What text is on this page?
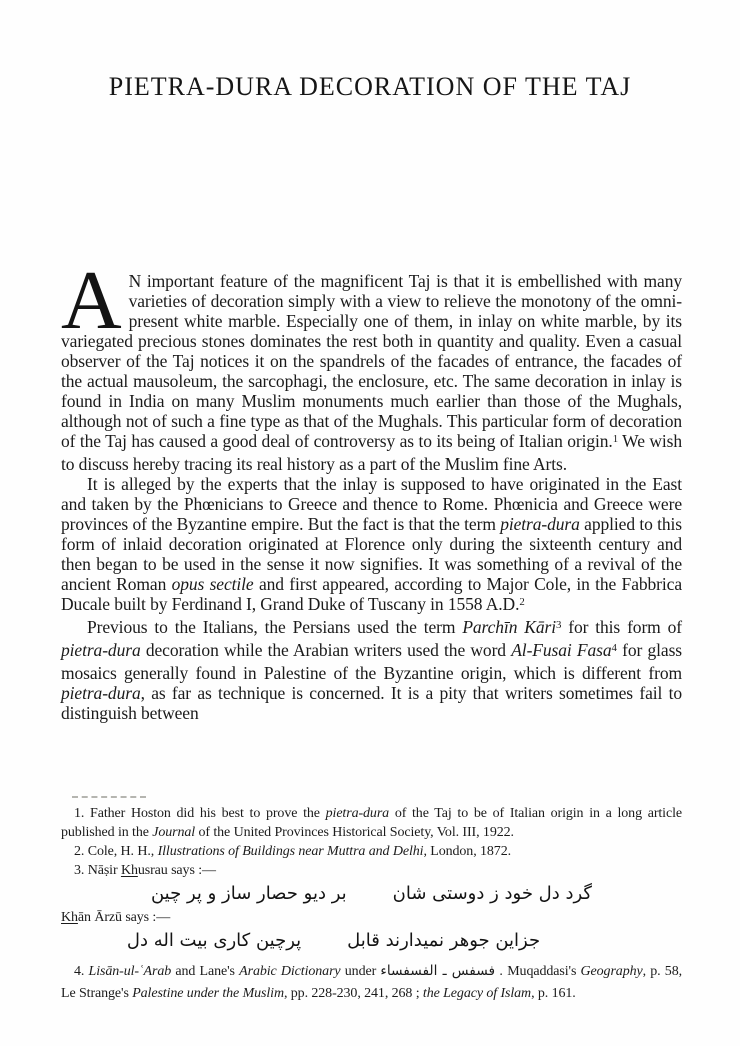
PIETRA-DURA DECORATION OF THE TAJ

A N important feature of the magnificent Taj is that it is embellished with many varieties of decoration simply with a view to relieve the monotony of the omni-present white marble. Especially one of them, in inlay on white marble, by its variegated precious stones dominates the rest both in quantity and quality. Even a casual observer of the Taj notices it on the spandrels of the facades of entrance, the facades of the actual mausoleum, the sarcophagi, the enclosure, etc. The same decoration in inlay is found in India on many Muslim monuments much earlier than those of the Mughals, although not of such a fine type as that of the Mughals. This particular form of decoration of the Taj has caused a good deal of controversy as to its being of Italian origin.$^1$ We wish to discuss hereby tracing its real history as a part of the Muslim fine Arts.

It is alleged by the experts that the inlay is supposed to have originated in the East and taken by the Phœnicians to Greece and thence to Rome. Phœnicia and Greece were provinces of the Byzantine empire. But the fact is that the term pietra-dura applied to this form of inlaid decoration originated at Florence only during the sixteenth century and then began to be used in the sense it now signifies. It was something of a revival of the ancient Roman opus sectile and first appeared, according to Major Cole, in the Fabbrica Ducale built by Ferdinand I, Grand Duke of Tuscany in 1558 A.D.$^2$

Previous to the Italians, the Persians used the term Parchīn Kāri$^3$ for this form of pietra-dura decoration while the Arabian writers used the word Al-Fusai Fasa$^4$ for glass mosaics generally found in Palestine of the Byzantine origin, which is different from pietra-dura, as far as technique is concerned. It is a pity that writers sometimes fail to distinguish between

1. Father Hoston did his best to prove the pietra-dura of the Taj to be of Italian origin in a long article published in the Journal of the United Provinces Historical Society, Vol. III, 1922.

2. Cole, H. H., Illustrations of Buildings near Muttra and Delhi, London, 1872.

3. Nāṣir Khusrau says :—

گرد دل خود ز دوستی شانبر دیو حصار ساز و پر چین

Khān Ārzū says :—

جزاین جوهر نمیدارند قابلپرچین کاری بیت اله دل

4. Lisān-ul-ʿArab and Lane's Arabic Dictionary under فسفس ـ الفسفساء . Muqaddasi's Geography, p. 58, Le Strange's Palestine under the Muslim, pp. 228-230, 241, 268 ; the Legacy of Islam, p. 161.
